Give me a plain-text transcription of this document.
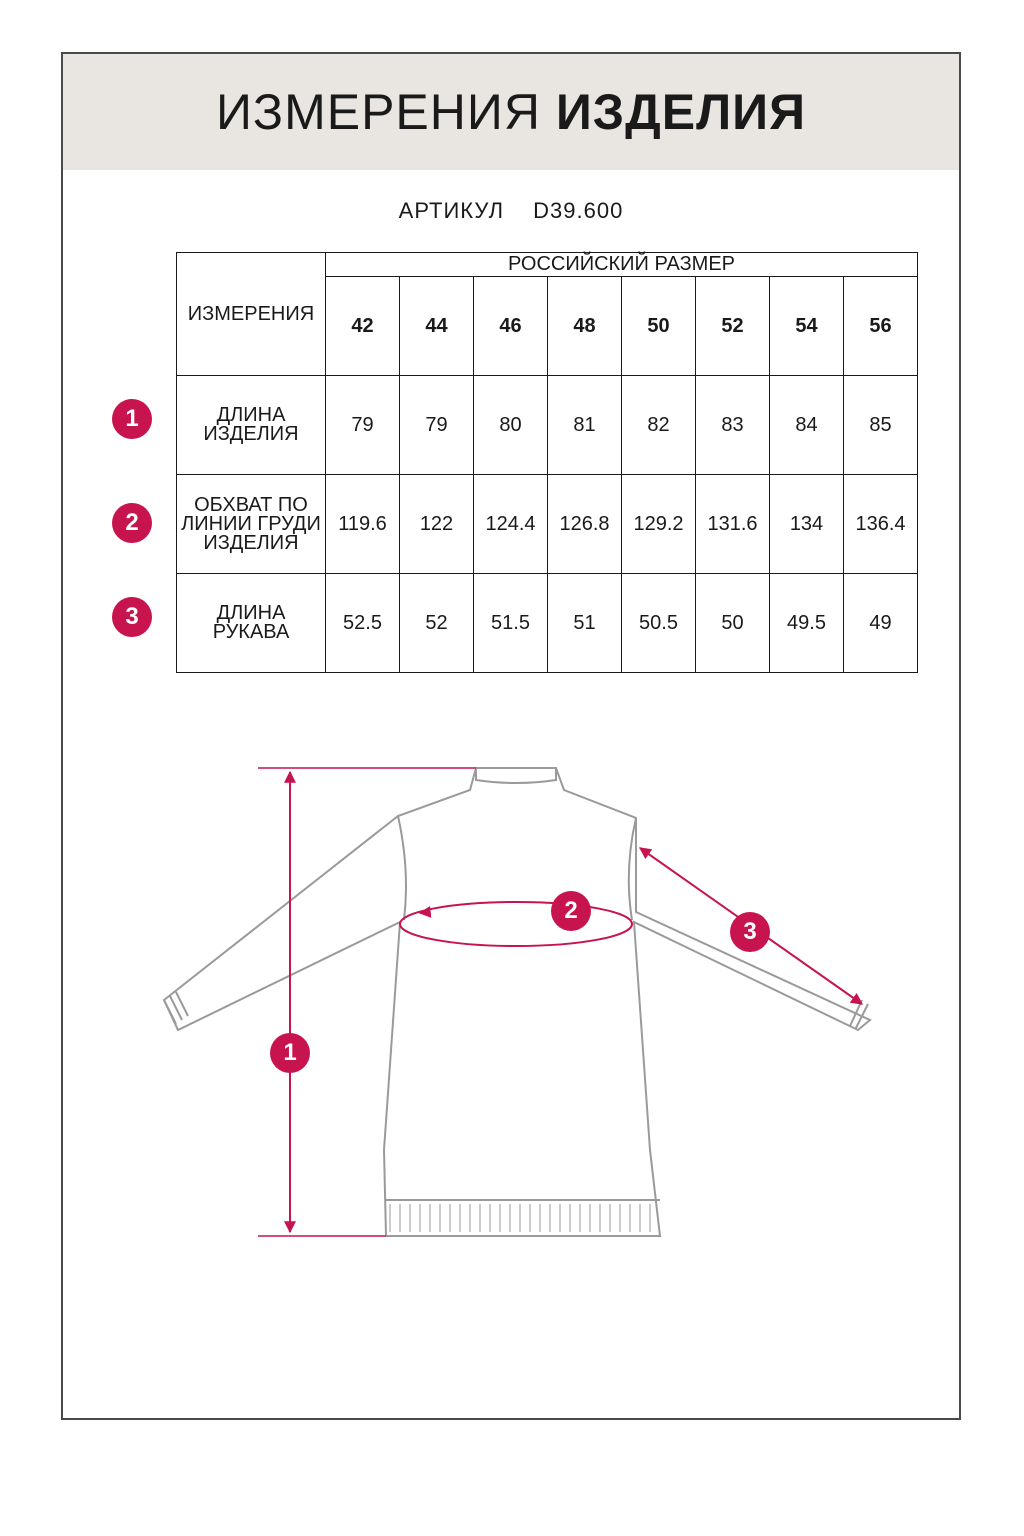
ИЗМЕРЕНИЯ ИЗДЕЛИЯ
АРТИКУЛ D39.600
ИЗМЕРЕНИЯ	РОССИЙСКИЙ РАЗМЕР							
	42	44	46	48	50	52	54	56
ДЛИНА ИЗДЕЛИЯ	79	79	80	81	82	83	84	85
ОБХВАТ ПО ЛИНИИ ГРУДИ ИЗДЕЛИЯ	119.6	122	124.4	126.8	129.2	131.6	134	136.4
ДЛИНА РУКАВА	52.5	52	51.5	51	50.5	50	49.5	49
1
2
3
1
2
3
